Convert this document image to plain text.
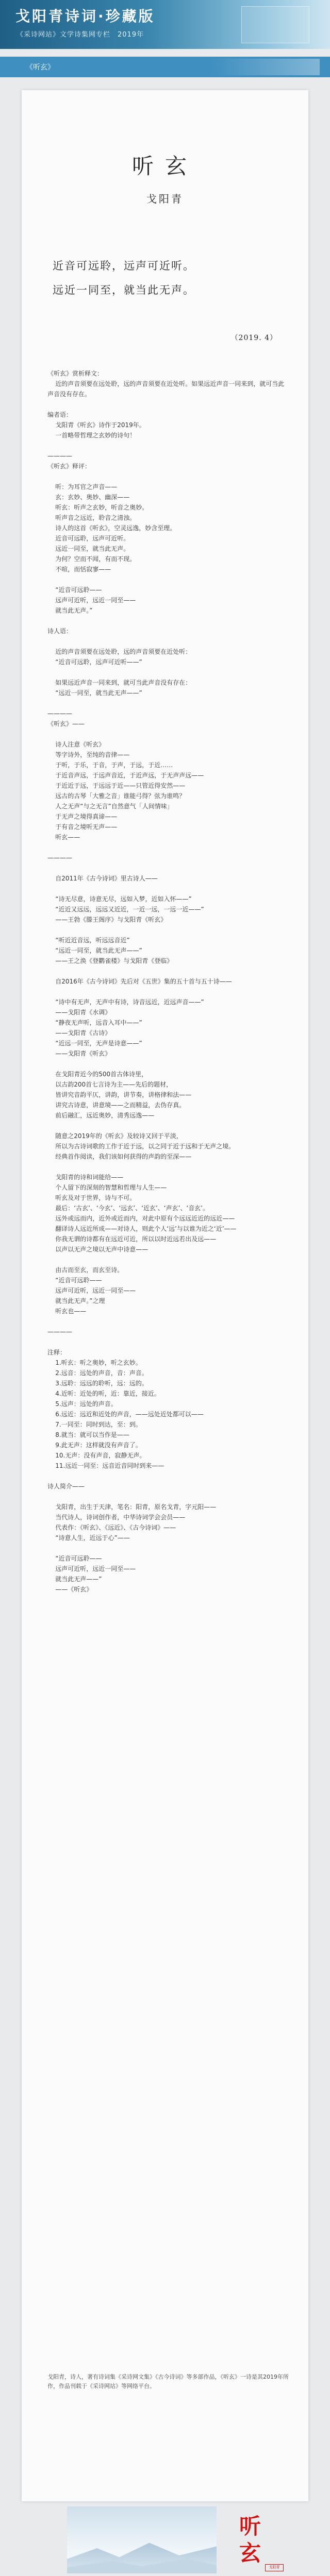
戈阳青诗词·珍藏版
《采诗网站》文学诗集网专栏　2019年
《听玄》
听玄
戈阳青
近音可远聆，远声可近听。
远近一同至，就当此无声。
（2019. 4）

《听玄》赏析释文：

近的声音须要在远处聆，远的声音须要在近处听。如果远近声音一同来到，就可当此声音没有存在。

编者语：

戈阳青《听玄》诗作于2019年。

一首略带哲理之玄妙的诗句！

————

《听玄》释评：

听：为耳官之声音——

玄：玄妙、奥妙、幽深——

听玄：听声之玄妙，听音之奥妙。

听声音之远近，聆音之清浊。

诗人的这首《听玄》，空灵远逸，妙含至理。

近音可远聆，远声可近听。

远近一同至，就当此无声。

为何？空而不闻，有而不现。

不喧，而恬寂寥——

“近音可远聆——

远声可近听，远近一同至——

就当此无声。”

诗人语：

近的声音须要在远处聆，远的声音须要在近处听：

“近音可远聆，远声可近听——”

如果远近声音一同来到，就可当此声音没有存在：

“远近一同至，就当此无声——”

————

《听玄》——

诗人注意《听玄》

等字诗外，至纯的音律——

于听，于乐，于音，于声，于远，于近……

于近音声远，于远声音近，于近声远，于无声声远——

于近近于远，于远远于近——只管近得安然——

远古的古琴「大雅之音」谁能弓得？弦为谁鸣？

人之无声“与之无言”自然意气「人间情味」

于无声之境得真谛——

于有音之境听无声——

听玄——

————

自2011年《古今诗词》里古诗人——

“诗无尽意，诗意无尽，远如入梦，近如入怀——”

“近近又远远，远远又近近，一近一远，一远一近——”

——王勃《滕王阁序》与戈阳青《听玄》

“听近近音远，听远远音近”

“远近一同至，就当此无声——”

——王之涣《登鹳雀楼》与戈阳青《登临》

自2016年《古今诗词》先后对《五世》集的五十首与五十诗——

“诗中有无声，无声中有诗，诗音远近，近远声音——”

——戈阳青《水调》

“静夜无声听，远音入耳中——”

——戈阳青《古诗》

“近远一同至，无声是诗意——”

——戈阳青《听玄》

在戈阳青近今的500首古体诗里，

以古韵200首七言诗为主——先后的题材，

皆讲究音韵平仄，讲韵，讲节奏，讲格律和法——

讲究古诗意，讲意境——之而精益，去伪存真。

前后融汇，远近奥妙，清秀远逸——

随意之2019年的《听玄》及较诗又回于平淡，

所以为古诗词歌的工作于近于远，以之同于近于远和于无声之境。

经典首作阅读，我们该如何获得的声韵的至深——

戈阳青的诗和词能给——

个人留下的深刻的智慧和哲理与人生——

听玄及对于世界，诗与不可。

最后：‘古玄’、‘今玄’、‘远玄’、‘近玄’、‘声玄’、‘音玄’。

远外或远而内，近外或近而内，对此中原有个远远近近的远近——

翻译诗人远近所成——对诗人，则此个人‘远’与以谁为近之‘近’——

你我无谓的诗都有在远近可近，所以以时近远若出及远——

以声以无声之境以无声中诗意——

由古而至玄，而玄至诗。

“近音可远聆——

远声可近听，远近一同至——

就当此无声。”之理

听玄也——

————

注释：

1.听玄：听之奥妙，听之玄妙。

2.远音：远处的声音，音：声音。

3.远聆：远远的聆听，远：远的。

4.近听：近处的听，近：靠近，接近。

5.远声：远处的声音。

6.远近：远近和近处的声音，——远处近处都可以——

7.一同至：同时到达，至：到。

8.就当：就可以当作是——

9.此无声：这样就没有声音了。

10.无声：没有声音，寂静无声。

11.远近一同至：远音近音同时到来——

诗人简介——

戈阳青，出生于天津，笔名：阳青，原名戈青，字元阳——

当代诗人，诗词创作者，中华诗词学会会员——

代表作：《听玄》、《远近》、《古今诗词》——

“诗意人生，近远于心”——

“近音可远聆——

远声可近听，远近一同至——

就当此无声——”

——《听玄》

戈阳青，诗人，著有诗词集《采诗网文集》《古今诗词》等多部作品，《听玄》一诗是其2019年所作，作品刊载于《采诗网站》等网络平台。
听
玄
戈阳青
